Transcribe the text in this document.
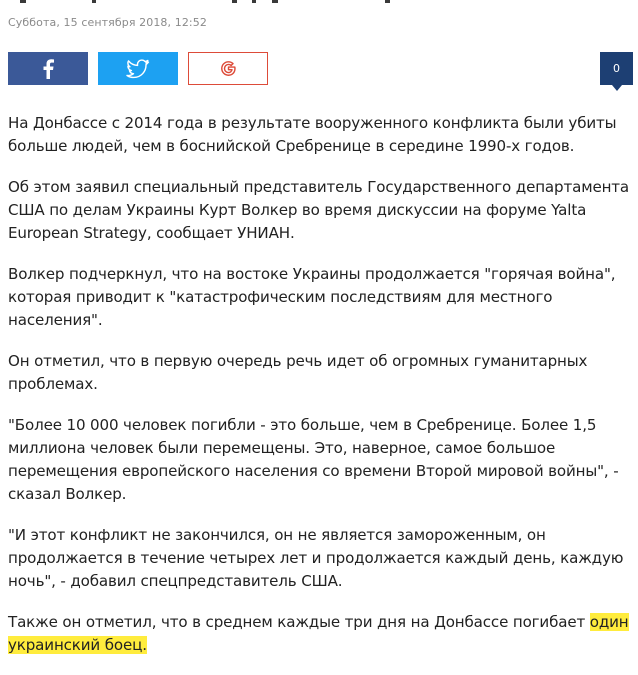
Суббота, 15 сентября 2018, 12:52
0

На Донбассе с 2014 года в результате вооруженного конфликта были убиты больше людей, чем в боснийской Сребренице в середине 1990-х годов.

Об этом заявил специальный представитель Государственного департамента США по делам Украины Курт Волкер во время дискуссии на форуме Yalta European Strategy, сообщает УНИАН.

Волкер подчеркнул, что на востоке Украины продолжается "горячая война", которая приводит к "катастрофическим последствиям для местного населения".

Он отметил, что в первую очередь речь идет об огромных гуманитарных проблемах.

"Более 10 000 человек погибли - это больше, чем в Сребренице. Более 1,5 миллиона человек были перемещены. Это, наверное, самое большое перемещения европейского населения со времени Второй мировой войны", - сказал Волкер.

"И этот конфликт не закончился, он не является замороженным, он продолжается в течение четырех лет и продолжается каждый день, каждую ночь", - добавил спецпредставитель США.

Также он отметил, что в среднем каждые три дня на Донбассе погибает один украинский боец.
